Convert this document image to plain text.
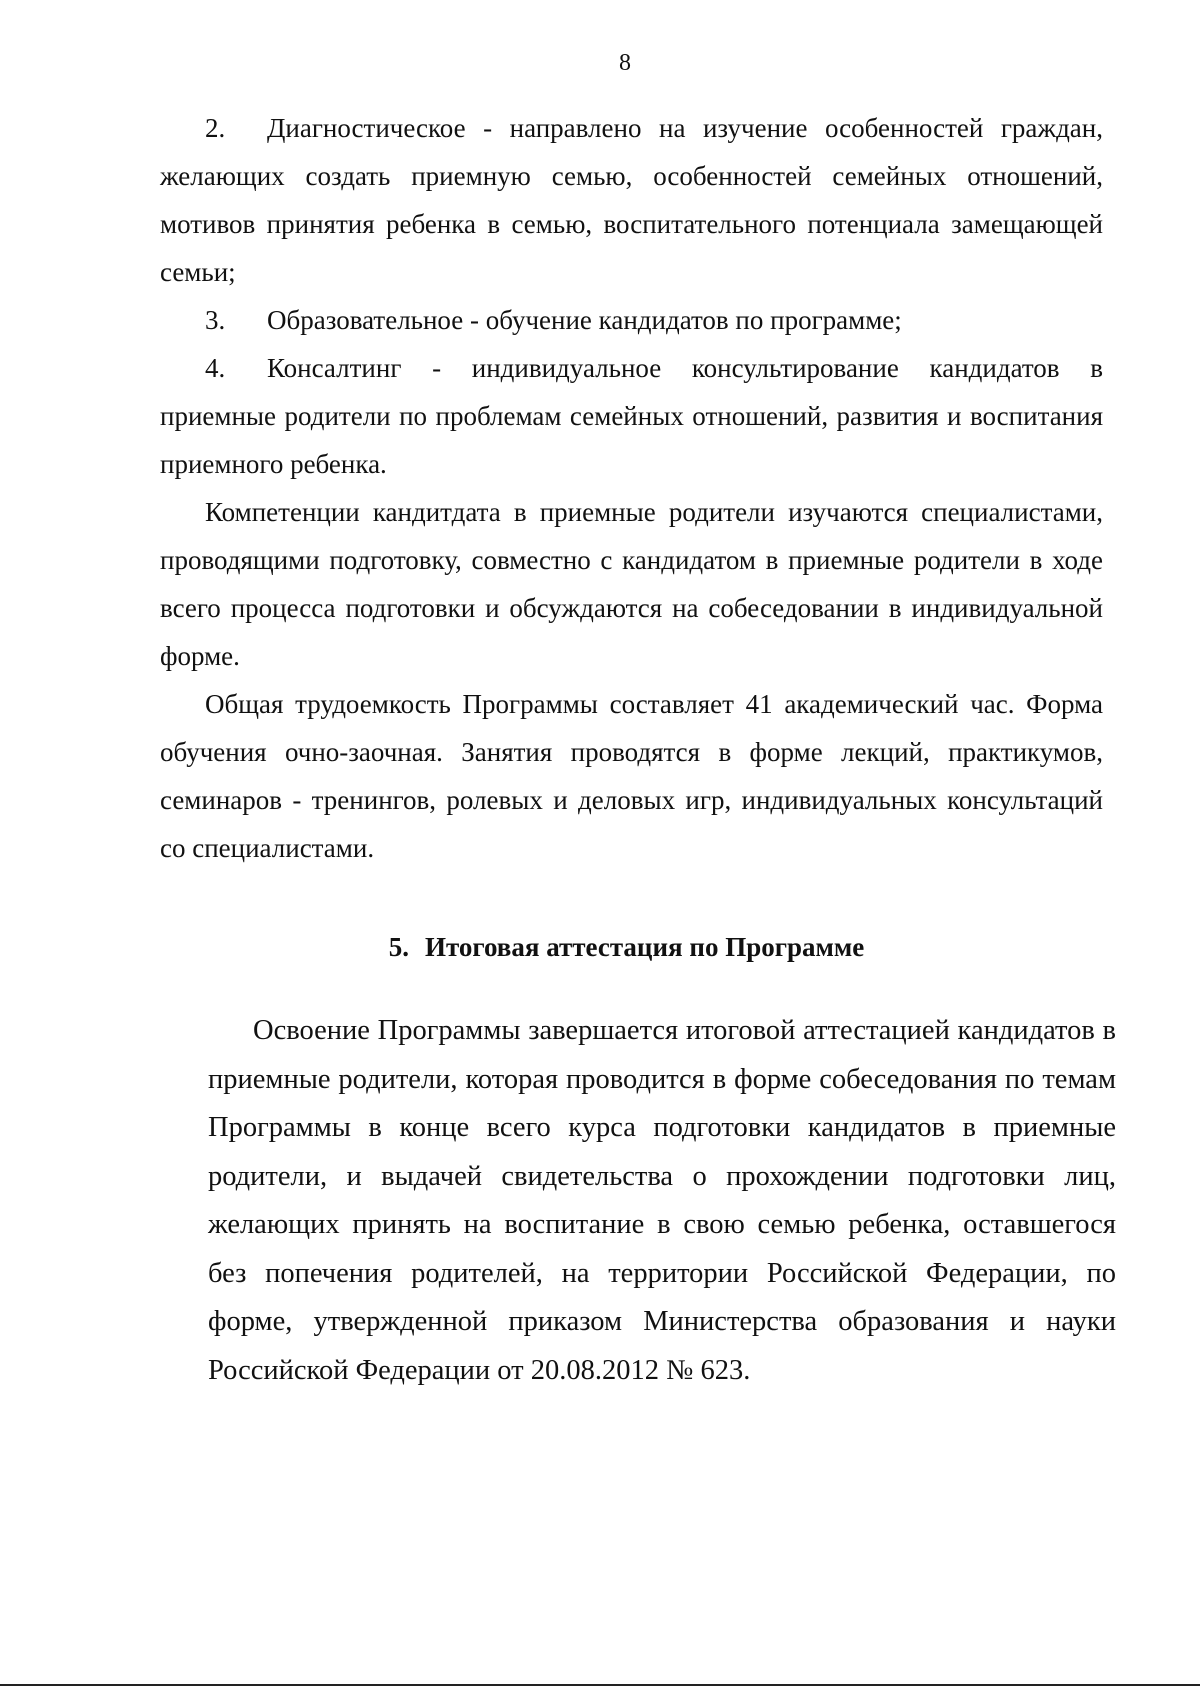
8

2. Диагностическое - направлено на изучение особенностей граждан, желающих создать приемную семью, особенностей семейных отношений, мотивов принятия ребенка в семью, воспитательного потенциала замещающей семьи;

3. Образовательное - обучение кандидатов по программе;

4. Консалтинг - индивидуальное консультирование кандидатов в приемные родители по проблемам семейных отношений, развития и воспитания приемного ребенка.

Компетенции кандитдата в приемные родители изучаются специалистами, проводящими подготовку, совместно с кандидатом в приемные родители в ходе всего процесса подготовки и обсуждаются на собеседовании в индивидуальной форме.

Общая трудоемкость Программы составляет 41 академический час. Форма обучения очно-заочная. Занятия проводятся в форме лекций, практикумов, семинаров - тренингов, ролевых и деловых игр, индивидуальных консультаций со специалистами.

5. Итоговая аттестация по Программе

Освоение Программы завершается итоговой аттестацией кандидатов в приемные родители, которая проводится в форме собеседования по темам Программы в конце всего курса подготовки кандидатов в приемные родители, и выдачей свидетельства о прохождении подготовки лиц, желающих принять на воспитание в свою семью ребенка, оставшегося без попечения родителей, на территории Российской Федерации, по форме, утвержденной приказом Министерства образования и науки Российской Федерации от 20.08.2012 № 623.
